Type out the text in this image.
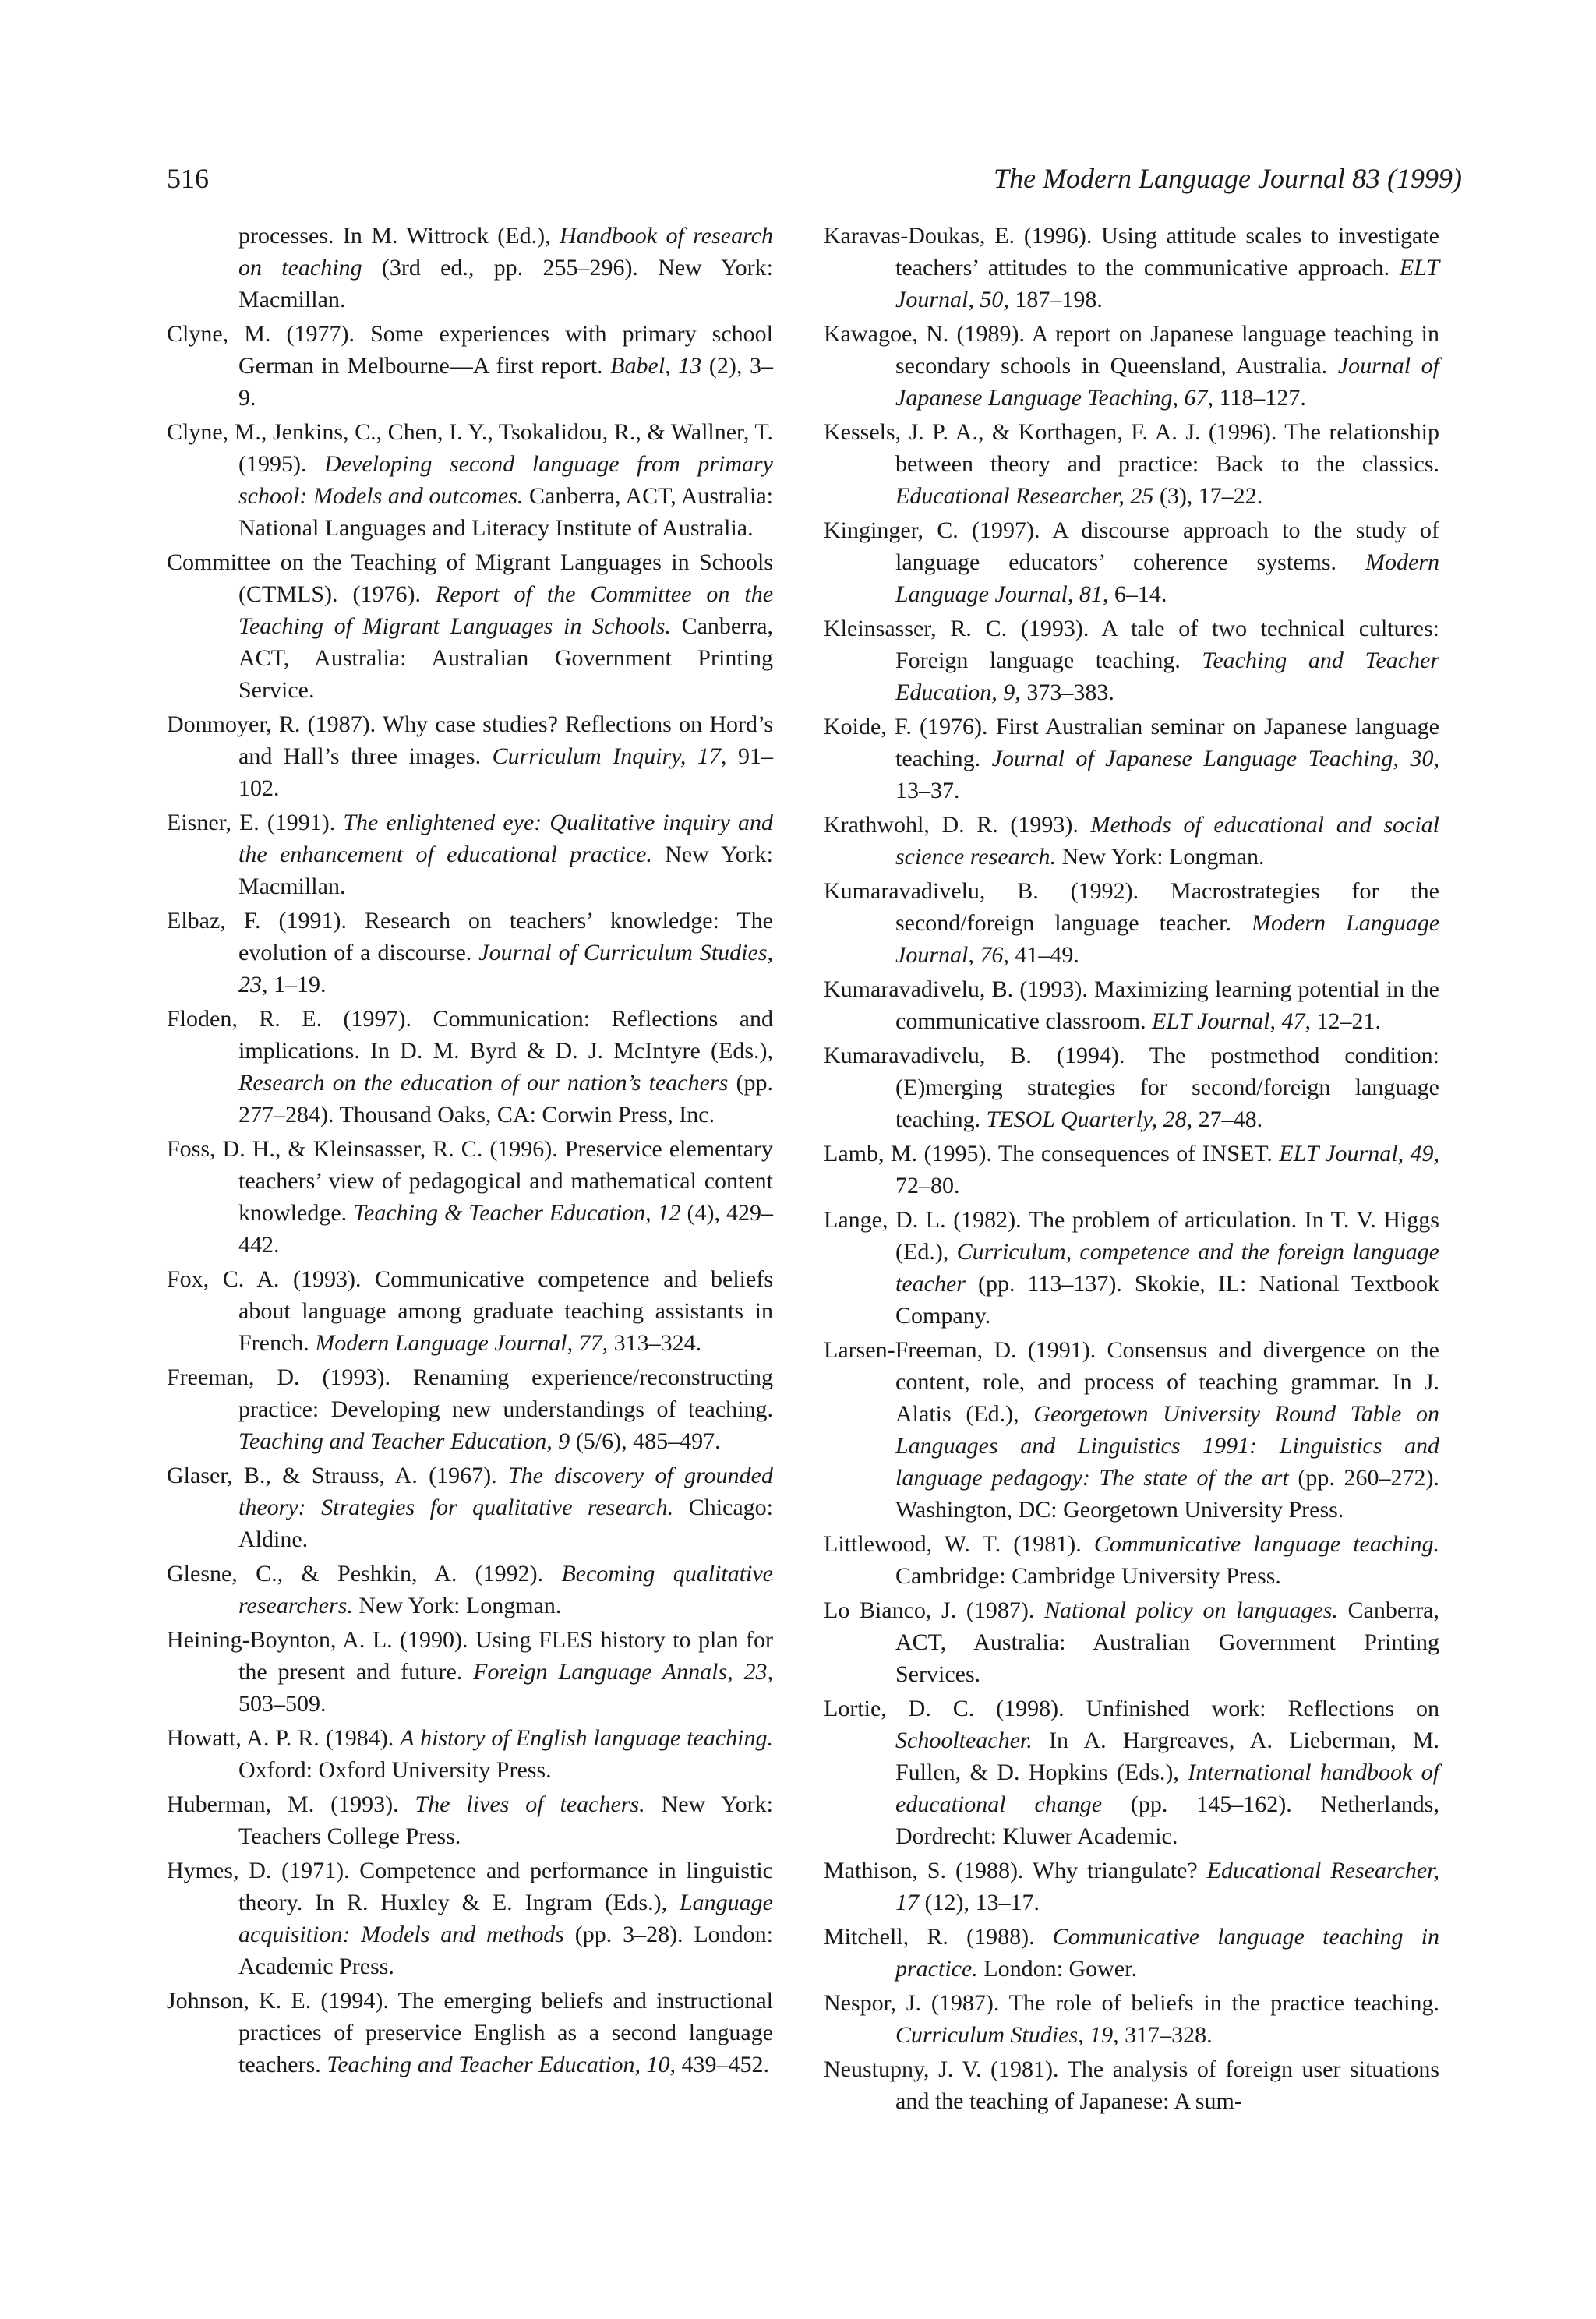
516	The Modern Language Journal 83 (1999)

processes. In M. Wittrock (Ed.), Handbook of research on teaching (3rd ed., pp. 255–296). New York: Macmillan.

Clyne, M. (1977). Some experiences with primary school German in Melbourne—A first report. Babel, 13 (2), 3–9.

Clyne, M., Jenkins, C., Chen, I. Y., Tsokalidou, R., & Wallner, T. (1995). Developing second language from primary school: Models and outcomes. Canberra, ACT, Australia: National Languages and Literacy Institute of Australia.

Committee on the Teaching of Migrant Languages in Schools (CTMLS). (1976). Report of the Committee on the Teaching of Migrant Languages in Schools. Canberra, ACT, Australia: Australian Government Printing Service.

Donmoyer, R. (1987). Why case studies? Reflections on Hord’s and Hall’s three images. Curriculum Inquiry, 17, 91–102.

Eisner, E. (1991). The enlightened eye: Qualitative inquiry and the enhancement of educational practice. New York: Macmillan.

Elbaz, F. (1991). Research on teachers’ knowledge: The evolution of a discourse. Journal of Curriculum Studies, 23, 1–19.

Floden, R. E. (1997). Communication: Reflections and implications. In D. M. Byrd & D. J. McIntyre (Eds.), Research on the education of our nation’s teachers (pp. 277–284). Thousand Oaks, CA: Corwin Press, Inc.

Foss, D. H., & Kleinsasser, R. C. (1996). Preservice elementary teachers’ view of pedagogical and mathematical content knowledge. Teaching & Teacher Education, 12 (4), 429–442.

Fox, C. A. (1993). Communicative competence and beliefs about language among graduate teaching assistants in French. Modern Language Journal, 77, 313–324.

Freeman, D. (1993). Renaming experience/reconstructing practice: Developing new understandings of teaching. Teaching and Teacher Education, 9 (5/6), 485–497.

Glaser, B., & Strauss, A. (1967). The discovery of grounded theory: Strategies for qualitative research. Chicago: Aldine.

Glesne, C., & Peshkin, A. (1992). Becoming qualitative researchers. New York: Longman.

Heining-Boynton, A. L. (1990). Using FLES history to plan for the present and future. Foreign Language Annals, 23, 503–509.

Howatt, A. P. R. (1984). A history of English language teaching. Oxford: Oxford University Press.

Huberman, M. (1993). The lives of teachers. New York: Teachers College Press.

Hymes, D. (1971). Competence and performance in linguistic theory. In R. Huxley & E. Ingram (Eds.), Language acquisition: Models and methods (pp. 3–28). London: Academic Press.

Johnson, K. E. (1994). The emerging beliefs and instructional practices of preservice English as a second language teachers. Teaching and Teacher Education, 10, 439–452.

Karavas-Doukas, E. (1996). Using attitude scales to investigate teachers’ attitudes to the communicative approach. ELT Journal, 50, 187–198.

Kawagoe, N. (1989). A report on Japanese language teaching in secondary schools in Queensland, Australia. Journal of Japanese Language Teaching, 67, 118–127.

Kessels, J. P. A., & Korthagen, F. A. J. (1996). The relationship between theory and practice: Back to the classics. Educational Researcher, 25 (3), 17–22.

Kinginger, C. (1997). A discourse approach to the study of language educators’ coherence systems. Modern Language Journal, 81, 6–14.

Kleinsasser, R. C. (1993). A tale of two technical cultures: Foreign language teaching. Teaching and Teacher Education, 9, 373–383.

Koide, F. (1976). First Australian seminar on Japanese language teaching. Journal of Japanese Language Teaching, 30, 13–37.

Krathwohl, D. R. (1993). Methods of educational and social science research. New York: Longman.

Kumaravadivelu, B. (1992). Macrostrategies for the second/foreign language teacher. Modern Language Journal, 76, 41–49.

Kumaravadivelu, B. (1993). Maximizing learning potential in the communicative classroom. ELT Journal, 47, 12–21.

Kumaravadivelu, B. (1994). The postmethod condition: (E)merging strategies for second/foreign language teaching. TESOL Quarterly, 28, 27–48.

Lamb, M. (1995). The consequences of INSET. ELT Journal, 49, 72–80.

Lange, D. L. (1982). The problem of articulation. In T. V. Higgs (Ed.), Curriculum, competence and the foreign language teacher (pp. 113–137). Skokie, IL: National Textbook Company.

Larsen-Freeman, D. (1991). Consensus and divergence on the content, role, and process of teaching grammar. In J. Alatis (Ed.), Georgetown University Round Table on Languages and Linguistics 1991: Linguistics and language pedagogy: The state of the art (pp. 260–272). Washington, DC: Georgetown University Press.

Littlewood, W. T. (1981). Communicative language teaching. Cambridge: Cambridge University Press.

Lo Bianco, J. (1987). National policy on languages. Canberra, ACT, Australia: Australian Government Printing Services.

Lortie, D. C. (1998). Unfinished work: Reflections on Schoolteacher. In A. Hargreaves, A. Lieberman, M. Fullen, & D. Hopkins (Eds.), International handbook of educational change (pp. 145–162). Netherlands, Dordrecht: Kluwer Academic.

Mathison, S. (1988). Why triangulate? Educational Researcher, 17 (12), 13–17.

Mitchell, R. (1988). Communicative language teaching in practice. London: Gower.

Nespor, J. (1987). The role of beliefs in the practice teaching. Curriculum Studies, 19, 317–328.

Neustupny, J. V. (1981). The analysis of foreign user situations and the teaching of Japanese: A sum-
